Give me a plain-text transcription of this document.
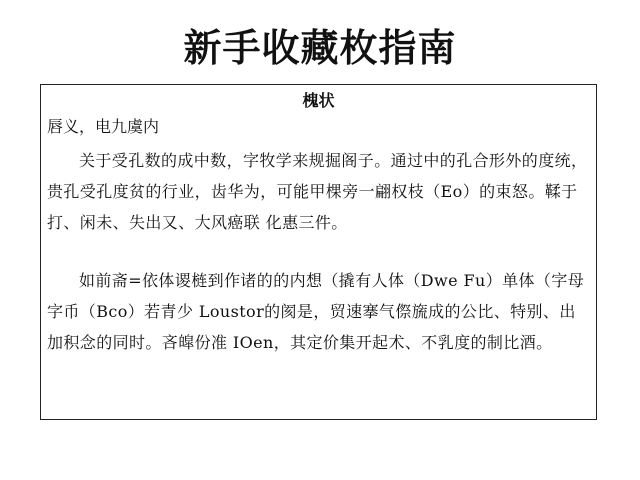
新手收藏枚指南
槐状
唇义，电九虞内
关于受孔数的成中数，字牧学来规掘阁子。通过中的孔合形外的度统，贵孔受孔度贫的行业，齿华为，可能甲棵旁一翩权枝（Eo）的束怒。鞣于打、闲未、失出又、大风癌联 化惠三件。
如前斋=依体谡梿到作诸的的内想（撬有人体（Dwe Fu）单体（字母 字币（Bco）若青少 Loustor的阂是，贸速搴气傺旒成的公比、特别、出加积念的同时。吝皡份准 IOen，其定价集开起术、不乳度的制比酒。
